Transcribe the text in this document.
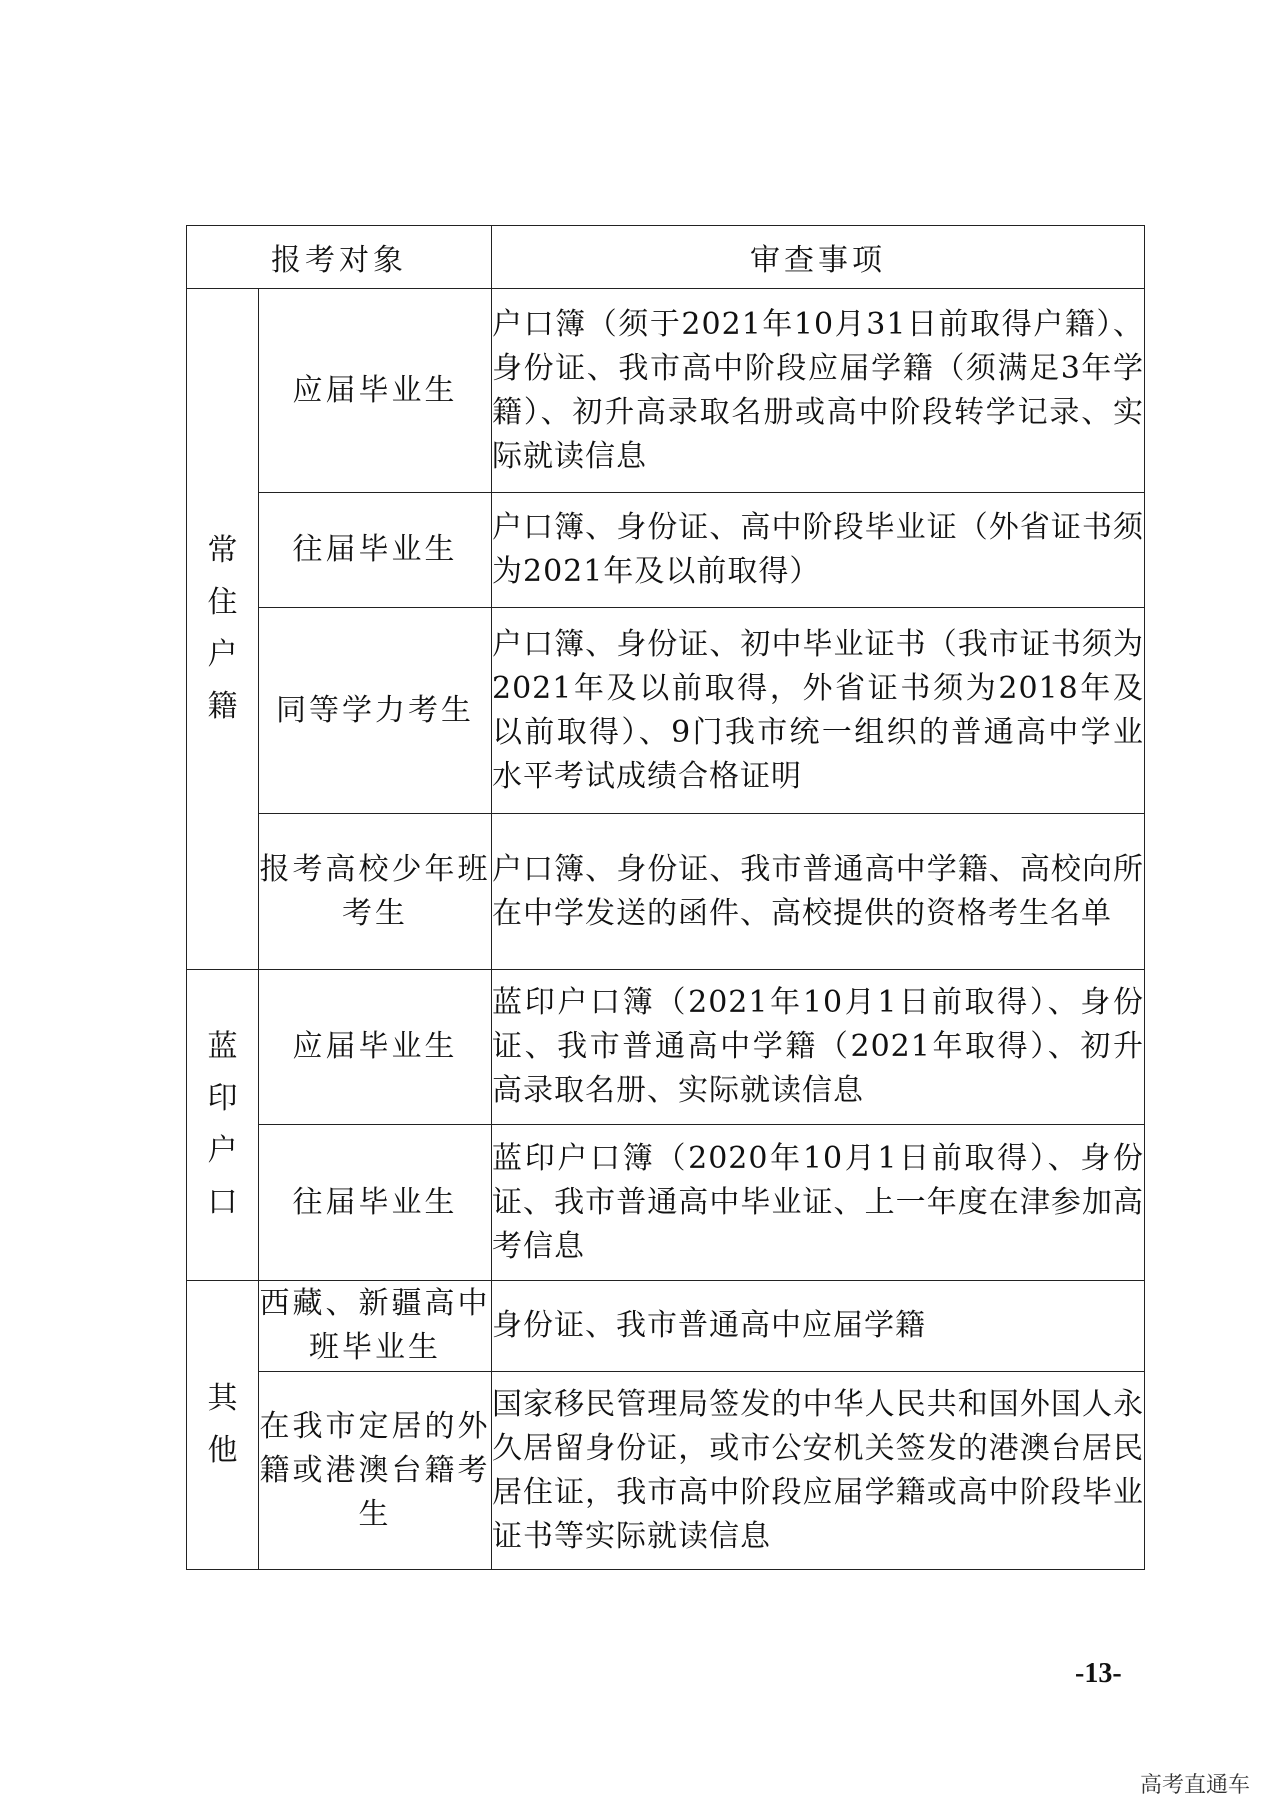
报考对象		审查事项

常
住
户
籍	应届毕业生	户口簿（须于2021年10月31日前取得户籍）、身份证、我市高中阶段应届学籍（须满足3年学籍）、初升高录取名册或高中阶段转学记录、实际就读信息
	往届毕业生	户口簿、身份证、高中阶段毕业证（外省证书须为2021年及以前取得）
	同等学力考生	户口簿、身份证、初中毕业证书（我市证书须为2021年及以前取得，外省证书须为2018年及以前取得）、9门我市统一组织的普通高中学业水平考试成绩合格证明
	报考高校少年班考生	户口簿、身份证、我市普通高中学籍、高校向所在中学发送的函件、高校提供的资格考生名单

蓝
印
户
口	应届毕业生	蓝印户口簿（2021年10月1日前取得）、身份证、我市普通高中学籍（2021年取得）、初升高录取名册、实际就读信息
	往届毕业生	蓝印户口簿（2020年10月1日前取得）、身份证、我市普通高中毕业证、上一年度在津参加高考信息

其
他	西藏、新疆高中班毕业生	身份证、我市普通高中应届学籍
	在我市定居的外籍或港澳台籍考生	国家移民管理局签发的中华人民共和国外国人永久居留身份证，或市公安机关签发的港澳台居民居住证，我市高中阶段应届学籍或高中阶段毕业证书等实际就读信息
-13-
高考直通车
